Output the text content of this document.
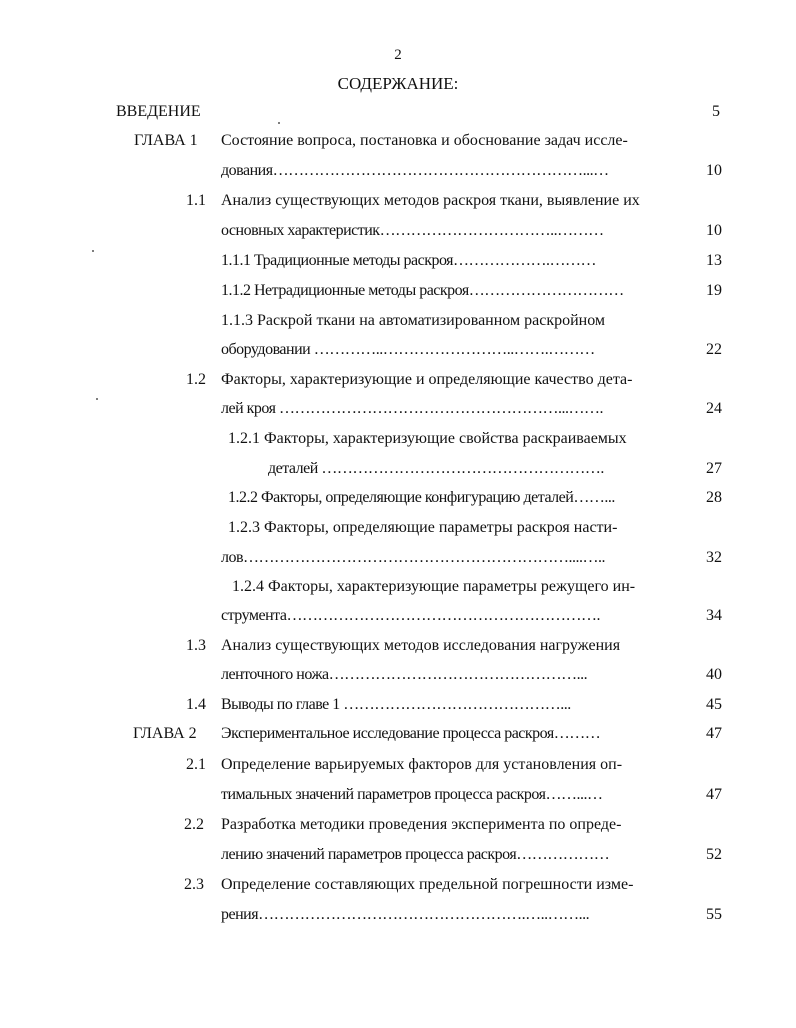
2
СОДЕРЖАНИЕ:
ВВЕДЕНИЕ	5
ГЛАВА 1 Состояние вопроса, постановка и обоснование задач иссле-
дования……………………………………………………...…	10
1.1 Анализ существующих методов раскроя ткани, выявление их
основных характеристик……………………………..………	10
1.1.1 Традиционные методы раскроя……………….………	13
1.1.2 Нетрадиционные методы раскроя…………………………	19
1.1.3 Раскрой ткани на автоматизированном раскройном
оборудовании …………..……………………..…….………	22
1.2 Факторы, характеризующие и определяющие качество дета-
лей кроя ………………………………………………...…….	24
1.2.1 Факторы, характеризующие свойства раскраиваемых
деталей ……………………………………………….	27
1.2.2 Факторы, определяющие конфигурацию деталей……...	28
1.2.3 Факторы, определяющие параметры раскроя насти-
лов………………………………………………………....…..	32
1.2.4 Факторы, характеризующие параметры режущего ин-
струмента…………………………………………………….	34
1.3 Анализ существующих методов исследования нагружения
ленточного ножа…………………………………………...	40
1.4 Выводы по главе 1 ……………………………………...	45
ГЛАВА 2 Экспериментальное исследование процесса раскроя………	47
2.1 Определение варьируемых факторов для установления оп-
тимальных значений параметров процесса раскроя……...…	47
2.2 Разработка методики проведения эксперимента по опреде-
лению значений параметров процесса раскроя………………	52
2.3 Определение составляющих предельной погрешности изме-
рения…………………………………………….…..……...	55
